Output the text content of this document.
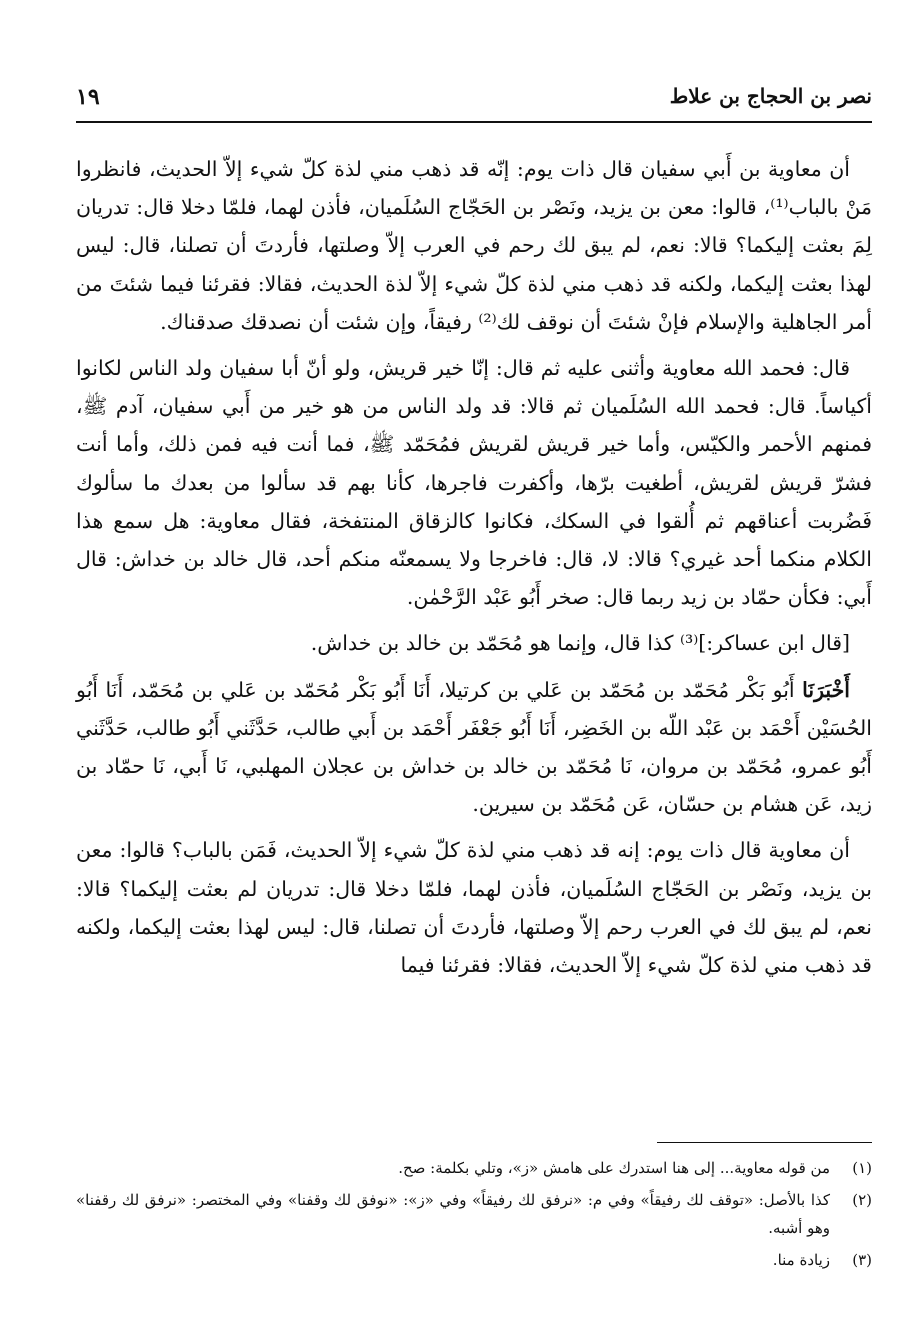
نصر بن الحجاج بن علاط
١٩

أن معاوية بن أَبي سفيان قال ذات يوم: إنّه قد ذهب مني لذة كلّ شيء إلاّ الحديث، فانظروا مَنْ بالباب⁽¹⁾، قالوا: معن بن يزيد، ونَصْر بن الحَجّاج السُلَميان، فأذن لهما، فلمّا دخلا قال: تدريان لِمَ بعثت إليكما؟ قالا: نعم، لم يبق لك رحم في العرب إلاّ وصلتها، فأردتَ أن تصلنا، قال: ليس لهذا بعثت إليكما، ولكنه قد ذهب مني لذة كلّ شيء إلاّ لذة الحديث، فقالا: فقرئنا فيما شئتَ من أمر الجاهلية والإسلام فإنْ شئتَ أن نوقف لك⁽²⁾ رفيقاً، وإن شئت أن نصدقك صدقناك.

قال: فحمد الله معاوية وأثنى عليه ثم قال: إنّا خير قريش، ولو أنّ أبا سفيان ولد الناس لكانوا أكياساً. قال: فحمد الله السُلَميان ثم قالا: قد ولد الناس من هو خير من أَبي سفيان، آدم ﷺ، فمنهم الأحمر والكيّس، وأما خير قريش لقريش فمُحَمّد ﷺ، فما أنت فيه فمن ذلك، وأما أنت فشرّ قريش لقريش، أطغيت برّها، وأكفرت فاجرها، كأنا بهم قد سألوا من بعدك ما سألوك فَضُربت أعناقهم ثم أُلقوا في السكك، فكانوا كالزقاق المنتفخة، فقال معاوية: هل سمع هذا الكلام منكما أحد غيري؟ قالا: لا، قال: فاخرجا ولا يسمعنّه منكم أحد، قال خالد بن خداش: قال أَبي: فكأن حمّاد بن زيد ربما قال: صخر أَبُو عَبْد الرَّحْمٰن.

[قال ابن عساكر:]⁽³⁾ كذا قال، وإنما هو مُحَمّد بن خالد بن خداش.

أَخْبَرَنَا أَبُو بَكْر مُحَمّد بن مُحَمّد بن عَلي بن كرتيلا، أَنَا أَبُو بَكْر مُحَمّد بن عَلي بن مُحَمّد، أَنَا أَبُو الحُسَيْن أَحْمَد بن عَبْد اللّه بن الخَضِر، أَنَا أَبُو جَعْفَر أَحْمَد بن أَبي طالب، حَدَّثَني أَبُو طالب، حَدَّثَني أَبُو عمرو، مُحَمّد بن مروان، نَا مُحَمّد بن خالد بن خداش بن عجلان المهلبي، نَا أَبي، نَا حمّاد بن زيد، عَن هشام بن حسّان، عَن مُحَمّد بن سيرين.

أن معاوية قال ذات يوم: إنه قد ذهب مني لذة كلّ شيء إلاّ الحديث، فَمَن بالباب؟ قالوا: معن بن يزيد، ونَصْر بن الحَجّاج السُلَميان، فأذن لهما، فلمّا دخلا قال: تدريان لم بعثت إليكما؟ قالا: نعم، لم يبق لك في العرب رحم إلاّ وصلتها، فأردتَ أن تصلنا، قال: ليس لهذا بعثت إليكما، ولكنه قد ذهب مني لذة كلّ شيء إلاّ الحديث، فقالا: فقرئنا فيما

(١)
من قوله معاوية... إلى هنا استدرك على هامش «ز»، وتلي بكلمة: صح.
(٢)
كذا بالأصل: «توقف لك رفيقاً» وفي م: «نرفق لك رفيقاً» وفي «ز»: «نوفق لك وقفنا» وفي المختصر: «نرفق لك رقفنا» وهو أشبه.
(٣)
زيادة منا.
